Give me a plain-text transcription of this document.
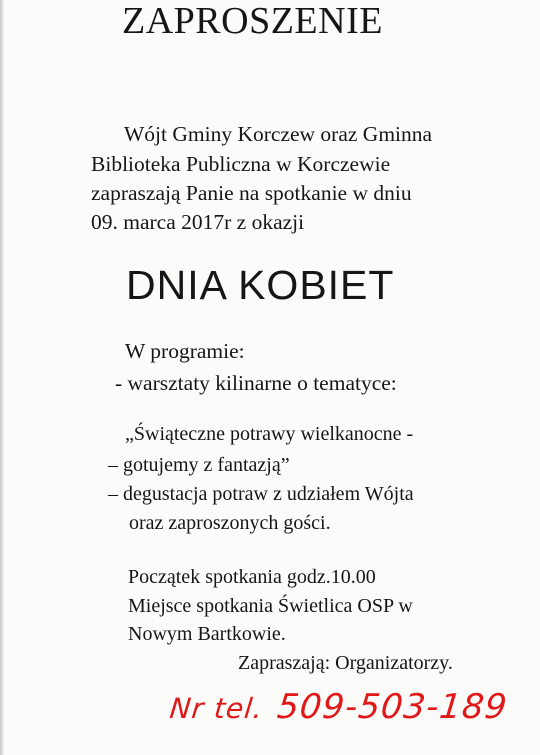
ZAPROSZENIE
Wójt Gminy Korczew oraz Gminna
Biblioteka Publiczna w Korczewie
zapraszają Panie na spotkanie w dniu
09. marca 2017r z okazji
DNIA KOBIET
W programie:
- warsztaty kilinarne o tematyce:
„Świąteczne potrawy wielkanocne -
– gotujemy z fantazją”
– degustacja potraw z udziałem Wójta
oraz zaproszonych gości.
Początek spotkania godz.10.00
Miejsce spotkania Świetlica OSP w
Nowym Bartkowie.
Zapraszają: Organizatorzy.
Nr tel. 509-503-189
